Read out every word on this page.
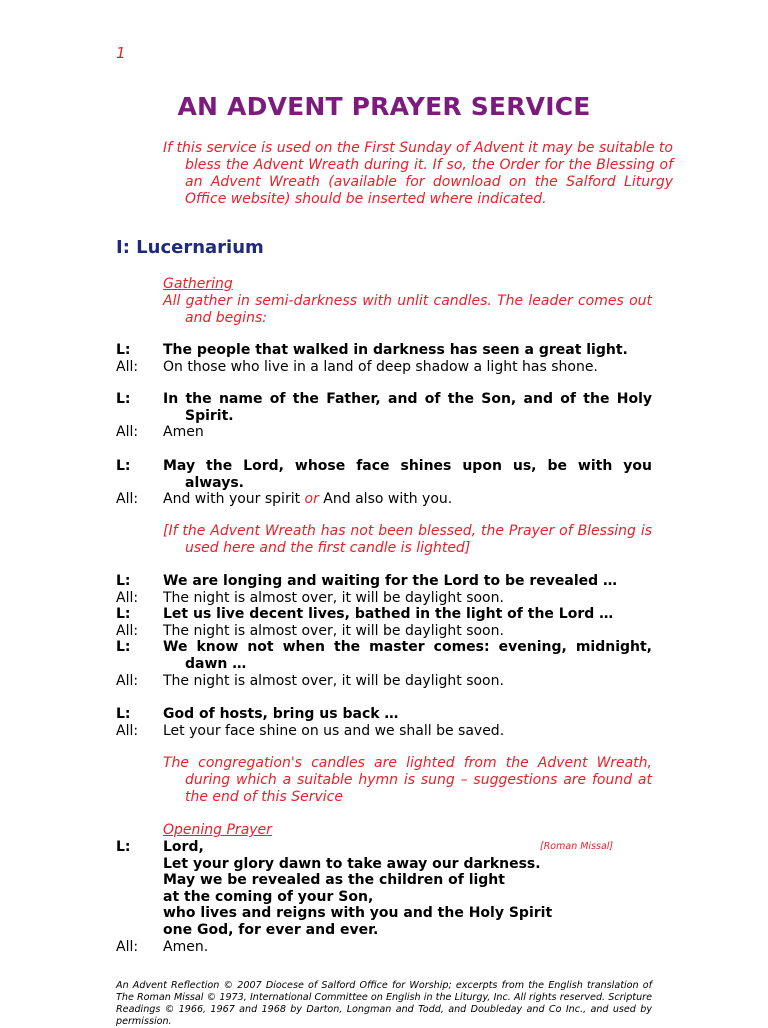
1
AN ADVENT PRAYER SERVICE
If this service is used on the First Sunday of Advent it may be suitable to bless the Advent Wreath during it. If so, the Order for the Blessing of an Advent Wreath (available for download on the Salford Liturgy Office website) should be inserted where indicated.
I: Lucernarium
Gathering
All gather in semi-darkness with unlit candles. The leader comes out and begins:
L:	The people that walked in darkness has seen a great light.
All:	On those who live in a land of deep shadow a light has shone.
L:	In the name of the Father, and of the Son, and of the Holy
Spirit.
All:	Amen
L:	May the Lord, whose face shines upon us, be with you
always.
All:	And with your spirit or And also with you.
[If the Advent Wreath has not been blessed, the Prayer of Blessing is used here and the first candle is lighted]
L:	We are longing and waiting for the Lord to be revealed …
All:	The night is almost over, it will be daylight soon.
L:	Let us live decent lives, bathed in the light of the Lord …
All:	The night is almost over, it will be daylight soon.
L:	We know not when the master comes: evening, midnight,
dawn …
All:	The night is almost over, it will be daylight soon.
L:	God of hosts, bring us back …
All:	Let your face shine on us and we shall be saved.
The congregation's candles are lighted from the Advent Wreath, during which a suitable hymn is sung – suggestions are found at the end of this Service
Opening Prayer
L:	Lord,
Let your glory dawn to take away our darkness.
May we be revealed as the children of light
at the coming of your Son,
who lives and reigns with you and the Holy Spirit
one God, for ever and ever.
All:	Amen.
[Roman Missal]
An Advent Reflection © 2007 Diocese of Salford Office for Worship; excerpts from the English translation of The Roman Missal © 1973, International Committee on English in the Liturgy, Inc. All rights reserved. Scripture Readings © 1966, 1967 and 1968 by Darton, Longman and Todd, and Doubleday and Co Inc., and used by permission.
